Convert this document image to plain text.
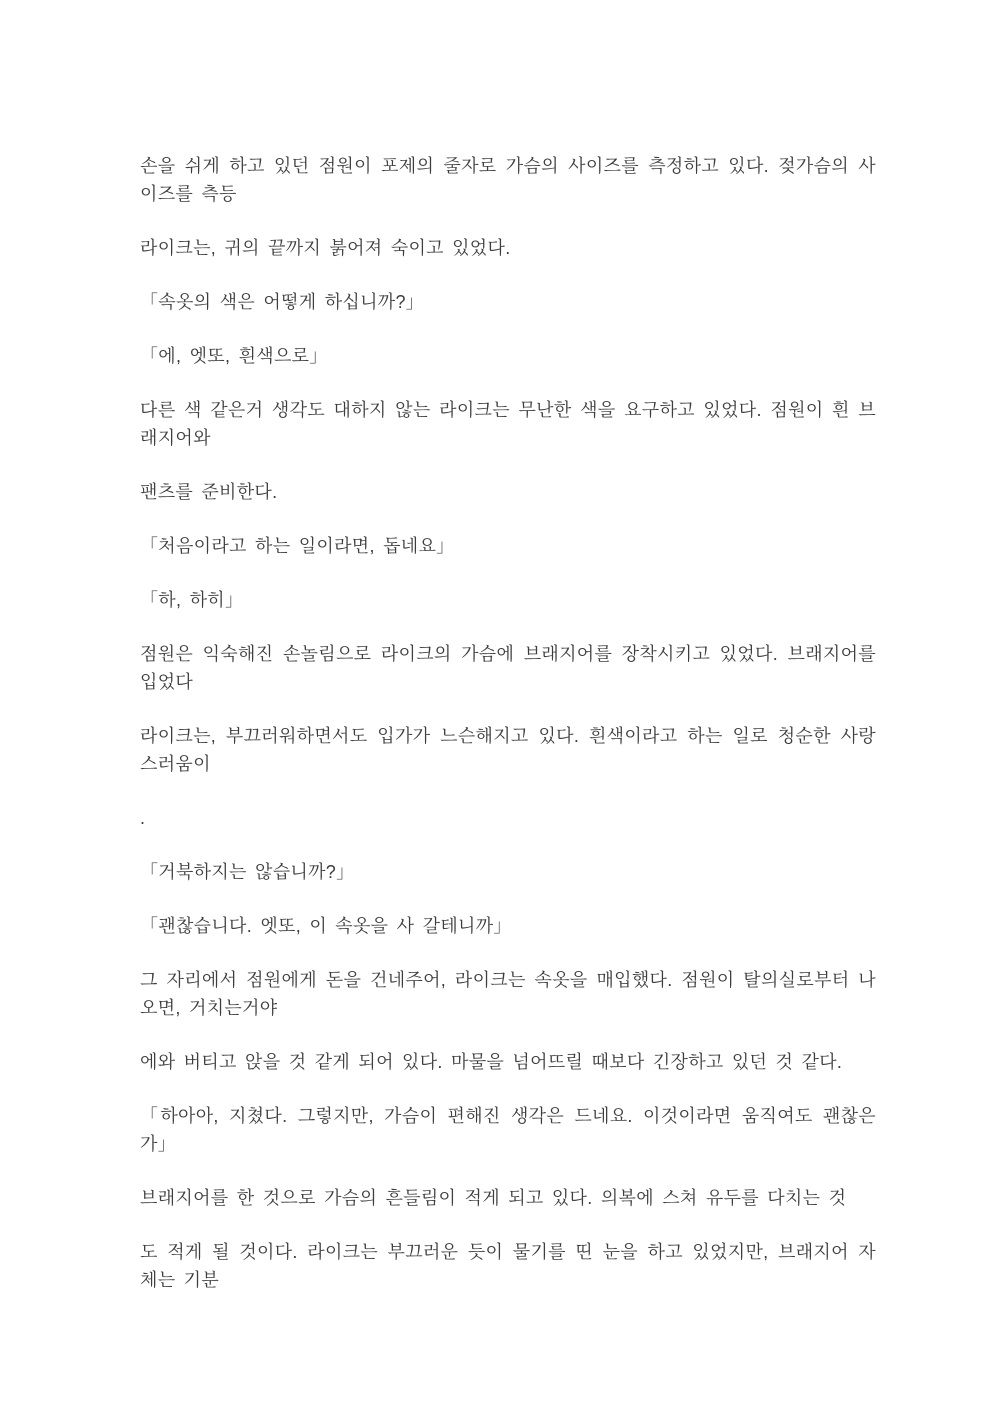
손을 쉬게 하고 있던 점원이 포제의 줄자로 가슴의 사이즈를 측정하고 있다. 젖가슴의 사이즈를 측등

라이크는, 귀의 끝까지 붉어져 숙이고 있었다.

「속옷의 색은 어떻게 하십니까?」

「에, 엣또, 흰색으로」

다른 색 같은거 생각도 대하지 않는 라이크는 무난한 색을 요구하고 있었다. 점원이 흰 브래지어와

팬츠를 준비한다.

「처음이라고 하는 일이라면, 돕네요」

「하, 하히」

점원은 익숙해진 손놀림으로 라이크의 가슴에 브래지어를 장착시키고 있었다. 브래지어를 입었다

라이크는, 부끄러워하면서도 입가가 느슨해지고 있다. 흰색이라고 하는 일로 청순한 사랑스러움이

.

「거북하지는 않습니까?」

「괜찮습니다. 엣또, 이 속옷을 사 갈테니까」

그 자리에서 점원에게 돈을 건네주어, 라이크는 속옷을 매입했다. 점원이 탈의실로부터 나오면, 거치는거야

에와 버티고 앉을 것 같게 되어 있다. 마물을 넘어뜨릴 때보다 긴장하고 있던 것 같다.

「하아아, 지쳤다. 그렇지만, 가슴이 편해진 생각은 드네요. 이것이라면 움직여도 괜찮은가」

브래지어를 한 것으로 가슴의 흔들림이 적게 되고 있다. 의복에 스쳐 유두를 다치는 것

도 적게 될 것이다. 라이크는 부끄러운 듯이 물기를 띤 눈을 하고 있었지만, 브래지어 자체는 기분
